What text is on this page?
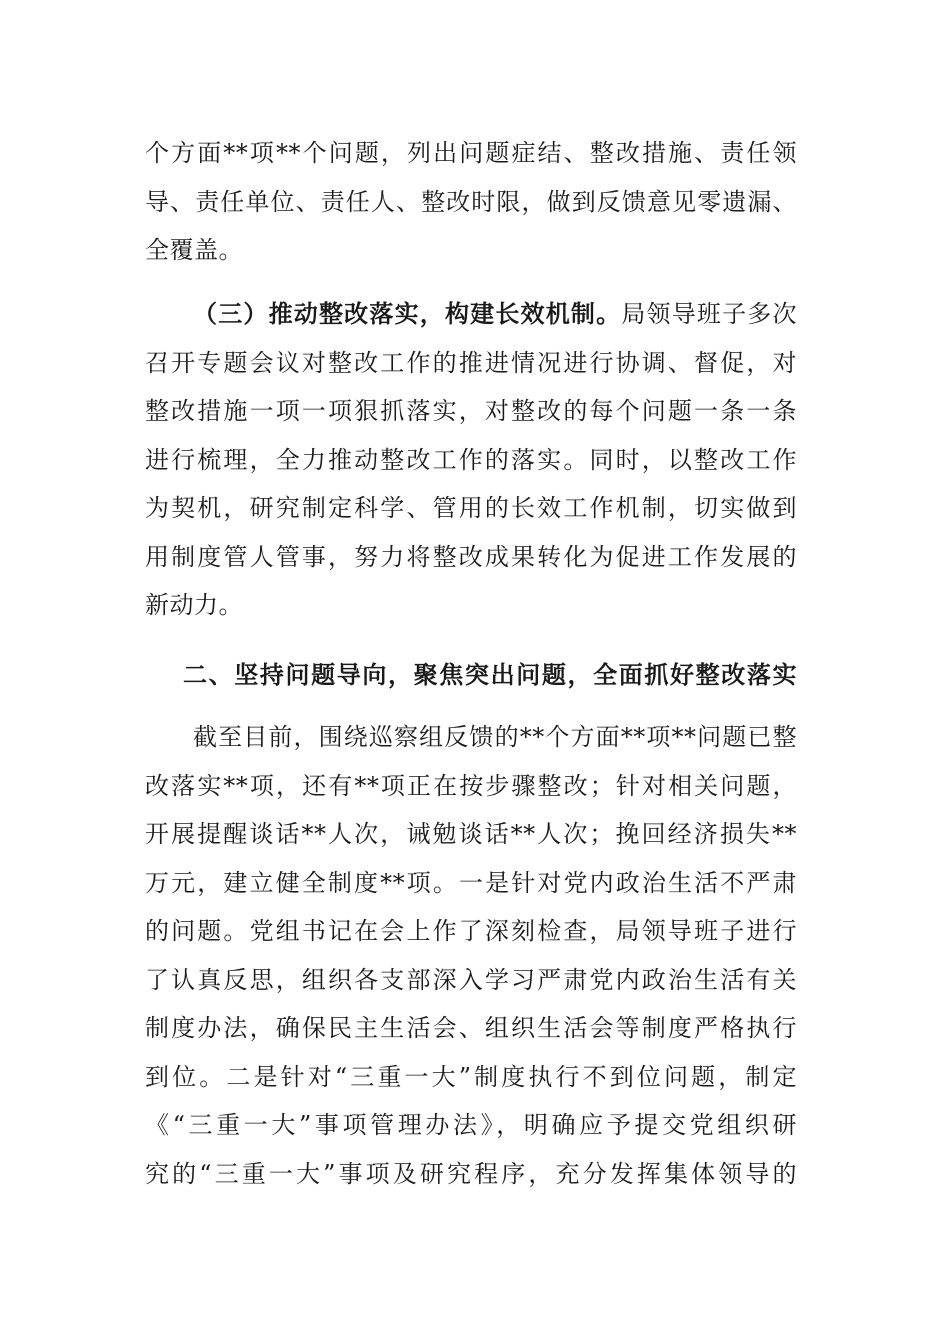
个方面**项**个问题，列出问题症结、整改措施、责任领
导、责任单位、责任人、整改时限，做到反馈意见零遗漏、
全覆盖。
（三）推动整改落实，构建长效机制。局领导班子多次
召开专题会议对整改工作的推进情况进行协调、督促，对
整改措施一项一项狠抓落实，对整改的每个问题一条一条
进行梳理，全力推动整改工作的落实。同时，以整改工作
为契机，研究制定科学、管用的长效工作机制，切实做到
用制度管人管事，努力将整改成果转化为促进工作发展的
新动力。
二、坚持问题导向，聚焦突出问题，全面抓好整改落实
截至目前，围绕巡察组反馈的**个方面**项**问题已整
改落实**项，还有**项正在按步骤整改；针对相关问题，
开展提醒谈话**人次，诫勉谈话**人次；挽回经济损失**
万元，建立健全制度**项。一是针对党内政治生活不严肃
的问题。党组书记在会上作了深刻检查，局领导班子进行
了认真反思，组织各支部深入学习严肃党内政治生活有关
制度办法，确保民主生活会、组织生活会等制度严格执行
到位。二是针对“三重一大”制度执行不到位问题，制定
《“三重一大”事项管理办法》，明确应予提交党组织研
究的“三重一大”事项及研究程序，充分发挥集体领导的
